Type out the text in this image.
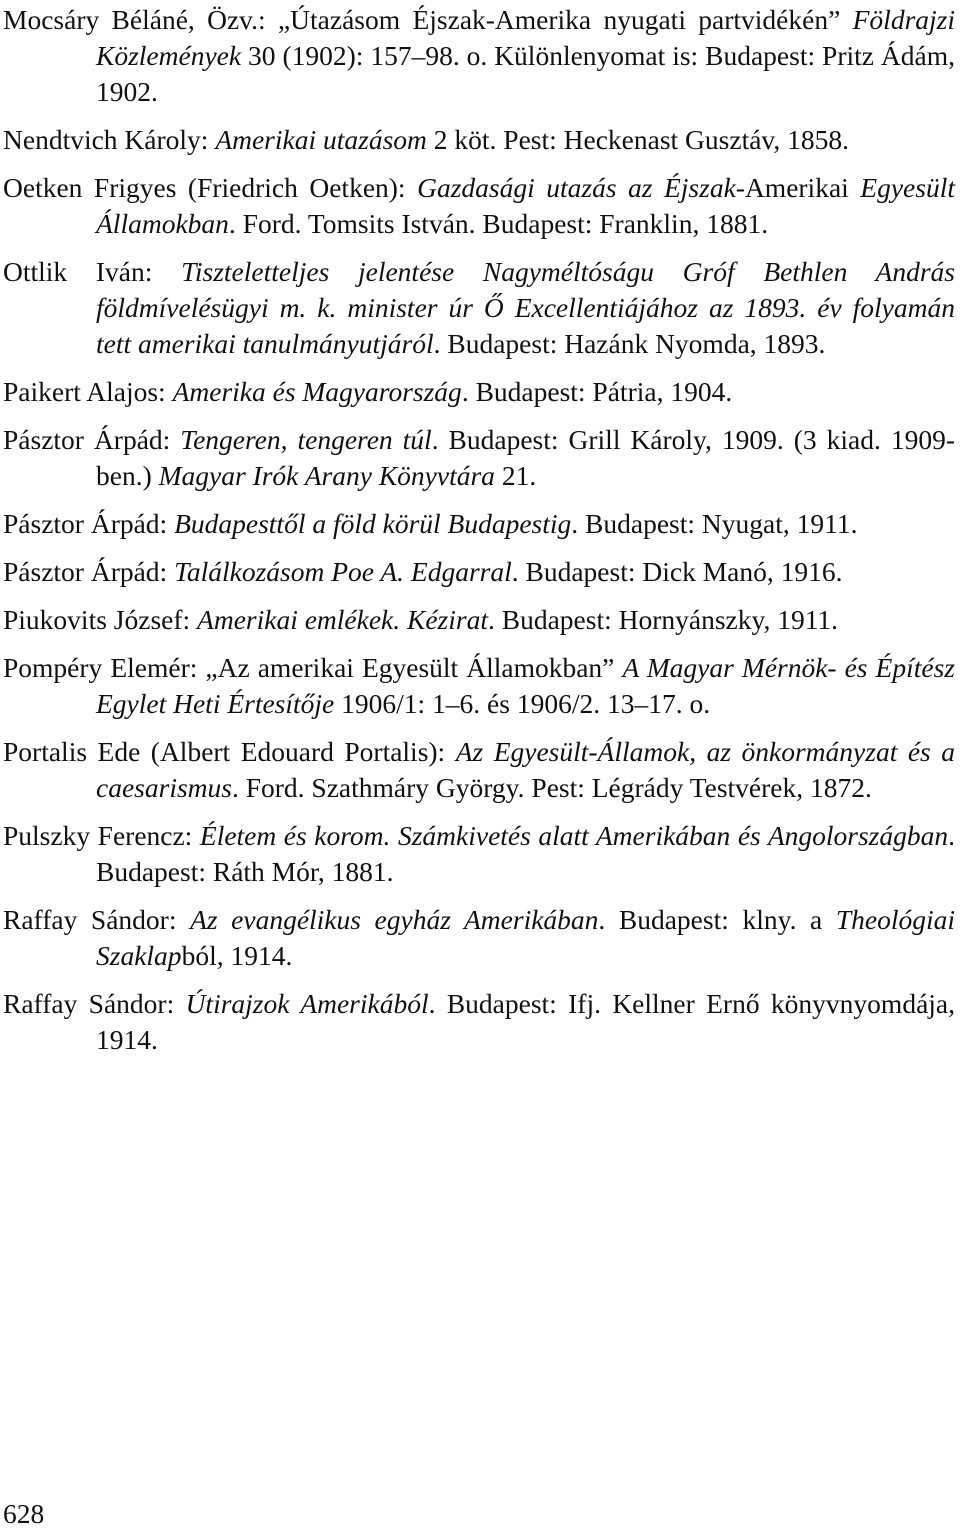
Mocsáry Béláné, Özv.: „Útazásom Éjszak-Amerika nyugati partvidékén” Földrajzi Közlemények 30 (1902): 157–98. o. Különlenyomat is: Budapest: Pritz Ádám, 1902.

Nendtvich Károly: Amerikai utazásom 2 köt. Pest: Heckenast Gusztáv, 1858.

Oetken Frigyes (Friedrich Oetken): Gazdasági utazás az Éjszak-Amerikai Egyesült Államokban. Ford. Tomsits István. Budapest: Franklin, 1881.

Ottlik Iván: Tiszteletteljes jelentése Nagyméltóságu Gróf Bethlen András földmívelésügyi m. k. minister úr Ő Excellentiájához az 1893. év folyamán tett amerikai tanulmányutjáról. Budapest: Hazánk Nyomda, 1893.

Paikert Alajos: Amerika és Magyarország. Budapest: Pátria, 1904.

Pásztor Árpád: Tengeren, tengeren túl. Budapest: Grill Károly, 1909. (3 kiad. 1909-ben.) Magyar Irók Arany Könyvtára 21.

Pásztor Árpád: Budapesttől a föld körül Budapestig. Budapest: Nyugat, 1911.

Pásztor Árpád: Találkozásom Poe A. Edgarral. Budapest: Dick Manó, 1916.

Piukovits József: Amerikai emlékek. Kézirat. Budapest: Hornyánszky, 1911.

Pompéry Elemér: „Az amerikai Egyesült Államokban” A Magyar Mérnök- és Építész Egylet Heti Értesítője 1906/1: 1–6. és 1906/2. 13–17. o.

Portalis Ede (Albert Edouard Portalis): Az Egyesült-Államok, az önkormányzat és a caesarismus. Ford. Szathmáry György. Pest: Légrády Testvérek, 1872.

Pulszky Ferencz: Életem és korom. Számkivetés alatt Amerikában és Angolországban. Budapest: Ráth Mór, 1881.

Raffay Sándor: Az evangélikus egyház Amerikában. Budapest: klny. a Theológiai Szaklapból, 1914.

Raffay Sándor: Útirajzok Amerikából. Budapest: Ifj. Kellner Ernő könyvnyomdája, 1914.

628
